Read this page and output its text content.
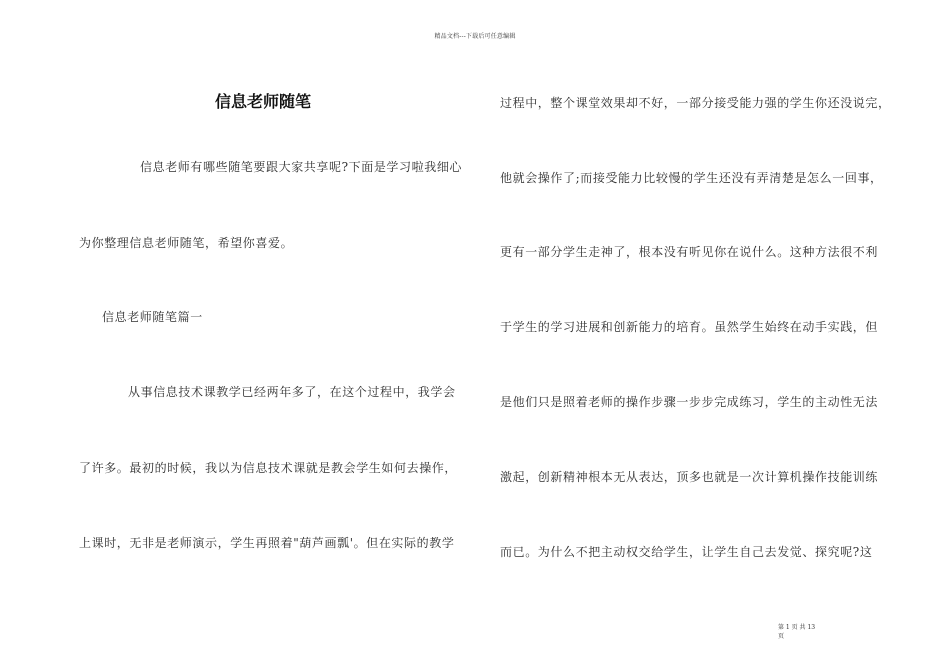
精品文档---下载后可任意编辑
信息老师随笔
信息老师有哪些随笔要跟大家共享呢?下面是学习啦我细心
为你整理信息老师随笔，希望你喜爱。
信息老师随笔篇一
从事信息技术课教学已经两年多了，在这个过程中，我学会
了许多。最初的时候，我以为信息技术课就是教会学生如何去操作，
上课时，无非是老师演示，学生再照着"葫芦画瓢'。但在实际的教学
过程中，整个课堂效果却不好，一部分接受能力强的学生你还没说完，
他就会操作了;而接受能力比较慢的学生还没有弄清楚是怎么一回事，
更有一部分学生走神了，根本没有听见你在说什么。这种方法很不利
于学生的学习进展和创新能力的培育。虽然学生始终在动手实践，但
是他们只是照着老师的操作步骤一步步完成练习，学生的主动性无法
激起，创新精神根本无从表达，顶多也就是一次计算机操作技能训练
而已。为什么不把主动权交给学生，让学生自己去发觉、探究呢?这
第 1 页 共 13
页
